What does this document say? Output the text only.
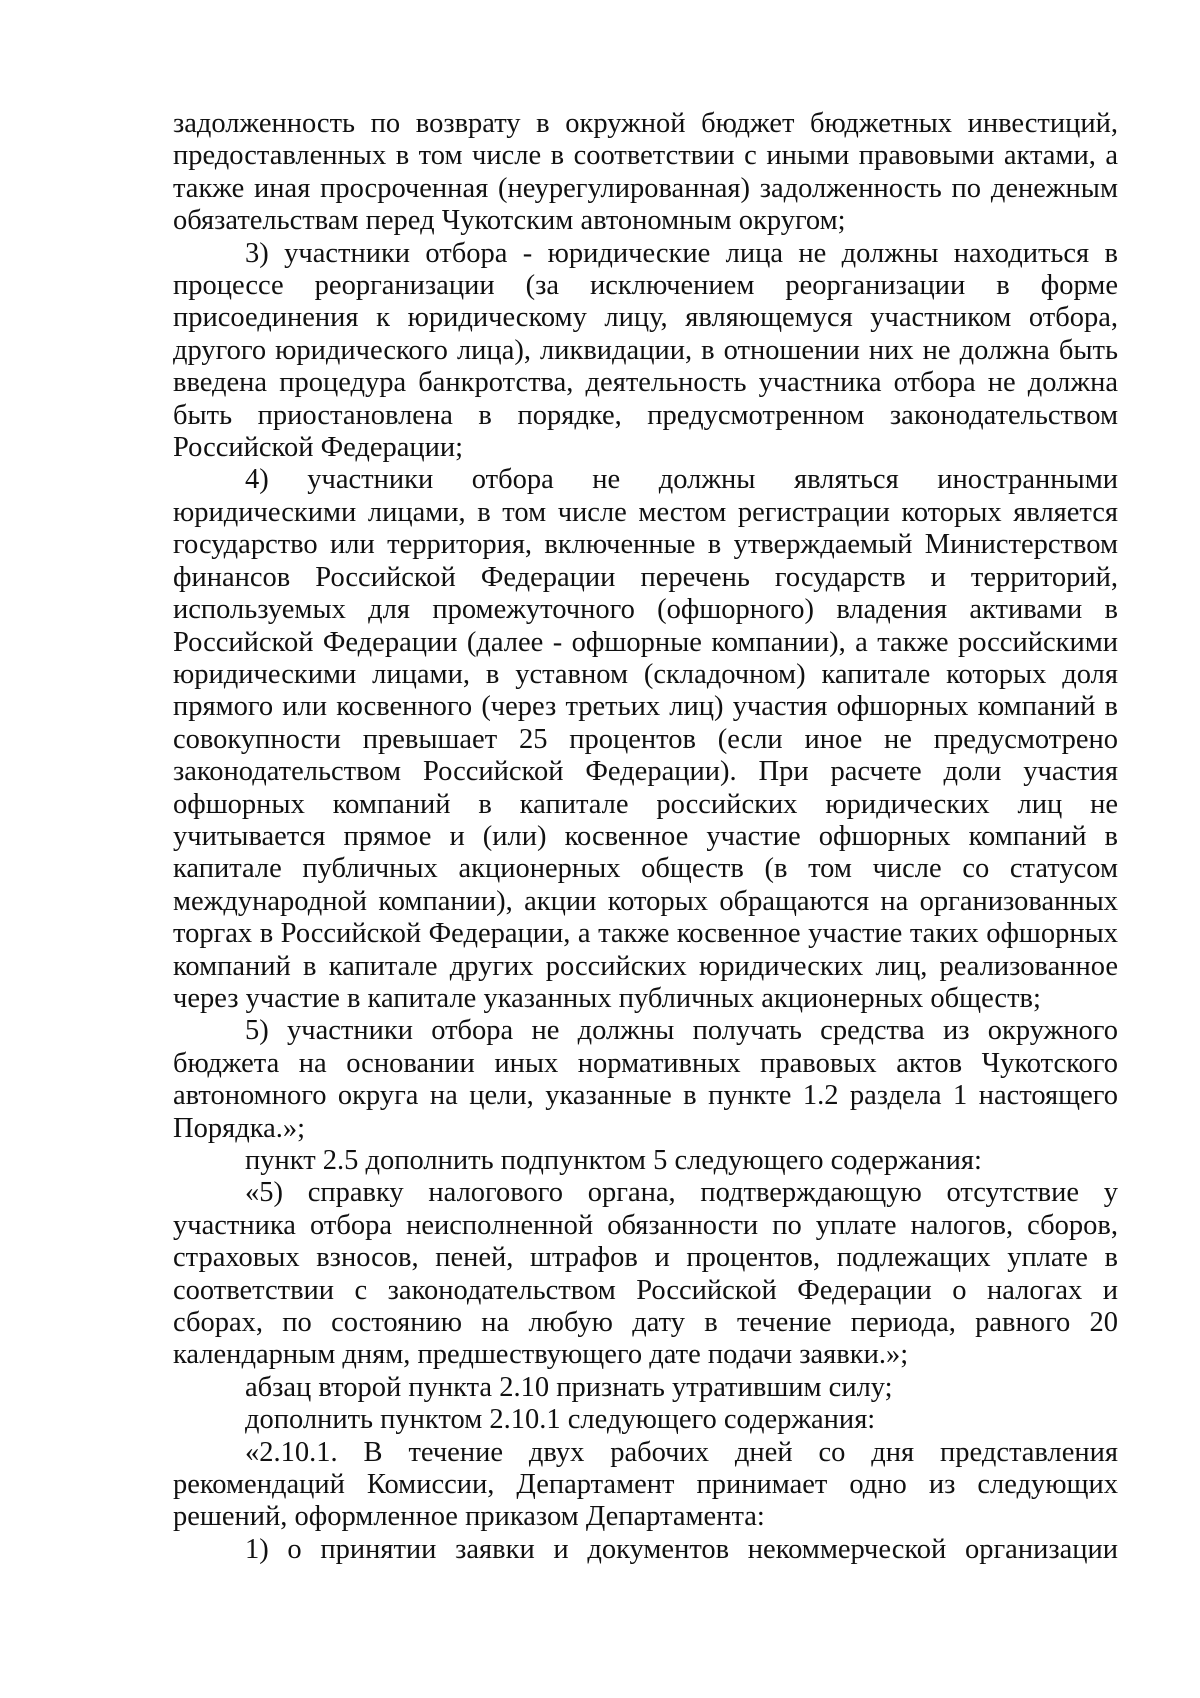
задолженность по возврату в окружной бюджет бюджетных инвестиций, предоставленных в том числе в соответствии с иными правовыми актами, а также иная просроченная (неурегулированная) задолженность по денежным обязательствам перед Чукотским автономным округом;

3) участники отбора - юридические лица не должны находиться в процессе реорганизации (за исключением реорганизации в форме присоединения к юридическому лицу, являющемуся участником отбора, другого юридического лица), ликвидации, в отношении них не должна быть введена процедура банкротства, деятельность участника отбора не должна быть приостановлена в порядке, предусмотренном законодательством Российской Федерации;

4) участники отбора не должны являться иностранными юридическими лицами, в том числе местом регистрации которых является государство или территория, включенные в утверждаемый Министерством финансов Российской Федерации перечень государств и территорий, используемых для промежуточного (офшорного) владения активами в Российской Федерации (далее - офшорные компании), а также российскими юридическими лицами, в уставном (складочном) капитале которых доля прямого или косвенного (через третьих лиц) участия офшорных компаний в совокупности превышает 25 процентов (если иное не предусмотрено законодательством Российской Федерации). При расчете доли участия офшорных компаний в капитале российских юридических лиц не учитывается прямое и (или) косвенное участие офшорных компаний в капитале публичных акционерных обществ (в том числе со статусом международной компании), акции которых обращаются на организованных торгах в Российской Федерации, а также косвенное участие таких офшорных компаний в капитале других российских юридических лиц, реализованное через участие в капитале указанных публичных акционерных обществ;

5) участники отбора не должны получать средства из окружного бюджета на основании иных нормативных правовых актов Чукотского автономного округа на цели, указанные в пункте 1.2 раздела 1 настоящего Порядка.»;

пункт 2.5 дополнить подпунктом 5 следующего содержания:

«5) справку налогового органа, подтверждающую отсутствие у участника отбора неисполненной обязанности по уплате налогов, сборов, страховых взносов, пеней, штрафов и процентов, подлежащих уплате в соответствии с законодательством Российской Федерации о налогах и сборах, по состоянию на любую дату в течение периода, равного 20 календарным дням, предшествующего дате подачи заявки.»;

абзац второй пункта 2.10 признать утратившим силу;

дополнить пунктом 2.10.1 следующего содержания:

«2.10.1. В течение двух рабочих дней со дня представления рекомендаций Комиссии, Департамент принимает одно из следующих решений, оформленное приказом Департамента:

1) о принятии заявки и документов некоммерческой организации
